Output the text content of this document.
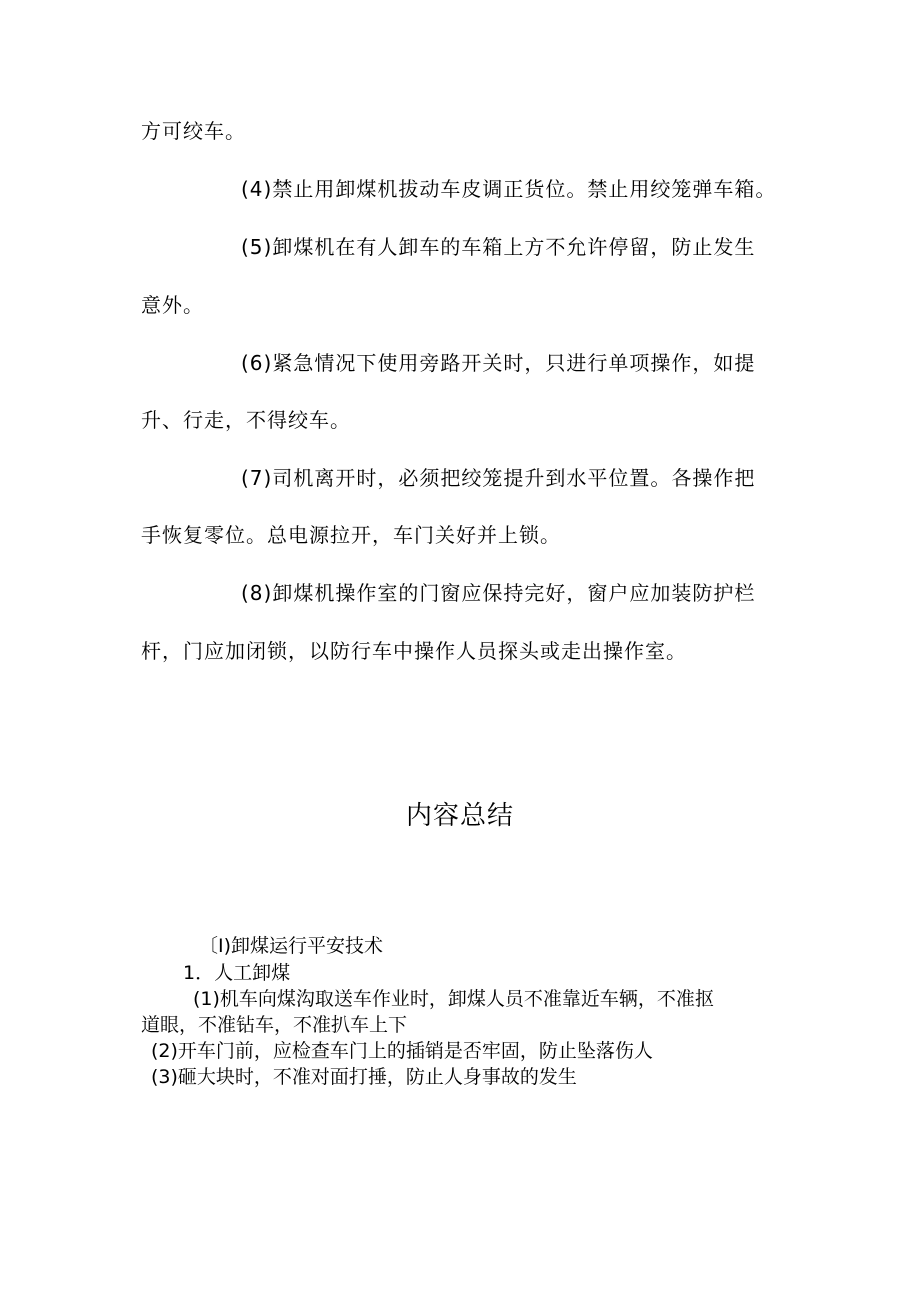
方可绞车。
(4)禁止用卸煤机拔动车皮调正货位。禁止用绞笼弹车箱。
(5)卸煤机在有人卸车的车箱上方不允许停留，防止发生
意外。
(6)紧急情况下使用旁路开关时，只进行单项操作，如提
升、行走，不得绞车。
(7)司机离开时，必须把绞笼提升到水平位置。各操作把
手恢复零位。总电源拉开，车门关好并上锁。
(8)卸煤机操作室的门窗应保持完好，窗户应加装防护栏
杆，门应加闭锁，以防行车中操作人员探头或走出操作室。
内容总结
〔I)卸煤运行平安技术
1．人工卸煤
(1)机车向煤沟取送车作业时，卸煤人员不准靠近车辆，不准抠
道眼，不准钻车，不准扒车上下
(2)开车门前，应检查车门上的插销是否牢固，防止坠落伤人
(3)砸大块时，不准对面打捶，防止人身事故的发生
